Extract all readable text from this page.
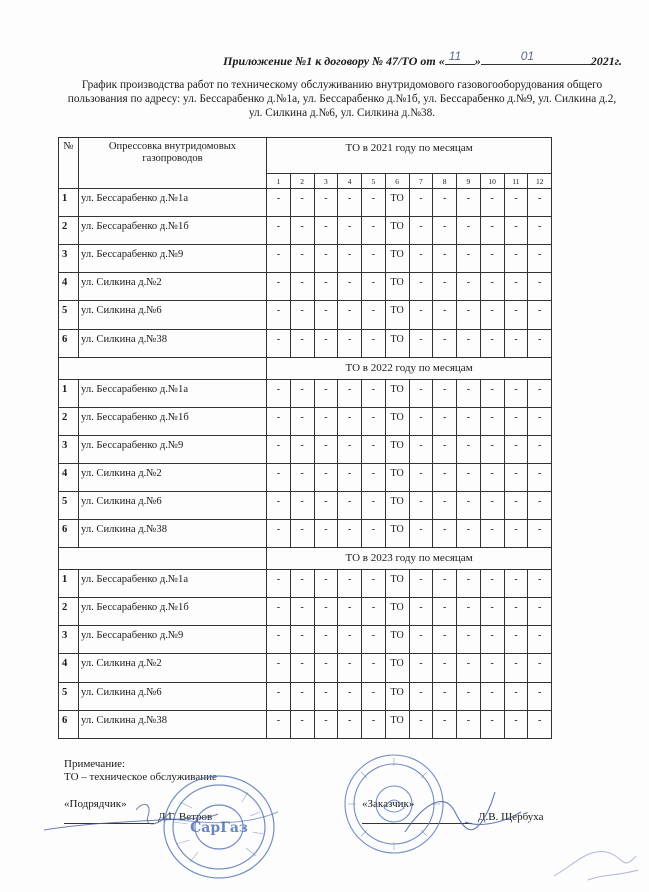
Приложение №1 к договору № 47/ТО от « 11 »	01	2021г.
График производства работ по техническому обслуживанию внутридомового газовогооборудования общего пользования по адресу: ул. Бессарабенко д.№1а, ул. Бессарабенко д.№1б, ул. Бессарабенко д.№9, ул. Силкина д.2, ул. Силкина д.№6, ул. Силкина д.№38.
№	Опрессовка внутридомовых газопроводов	ТО в 2021 году по месяцам											
		1	2	3	4	5	6	7	8	9	10	11	12
1	ул. Бессарабенко д.№1а	-	-	-	-	-	ТО	-	-	-	-	-	-
2	ул. Бессарабенко д.№1б	-	-	-	-	-	ТО	-	-	-	-	-	-
3	ул. Бессарабенко д.№9	-	-	-	-	-	ТО	-	-	-	-	-	-
4	ул. Силкина д.№2	-	-	-	-	-	ТО	-	-	-	-	-	-
5	ул. Силкина д.№6	-	-	-	-	-	ТО	-	-	-	-	-	-
6	ул. Силкина д.№38	-	-	-	-	-	ТО	-	-	-	-	-	-
		ТО в 2022 году по месяцам											
1	ул. Бессарабенко д.№1а	-	-	-	-	-	ТО	-	-	-	-	-	-
2	ул. Бессарабенко д.№1б	-	-	-	-	-	ТО	-	-	-	-	-	-
3	ул. Бессарабенко д.№9	-	-	-	-	-	ТО	-	-	-	-	-	-
4	ул. Силкина д.№2	-	-	-	-	-	ТО	-	-	-	-	-	-
5	ул. Силкина д.№6	-	-	-	-	-	ТО	-	-	-	-	-	-
6	ул. Силкина д.№38	-	-	-	-	-	ТО	-	-	-	-	-	-
		ТО в 2023 году по месяцам											
1	ул. Бессарабенко д.№1а	-	-	-	-	-	ТО	-	-	-	-	-	-
2	ул. Бессарабенко д.№1б	-	-	-	-	-	ТО	-	-	-	-	-	-
3	ул. Бессарабенко д.№9	-	-	-	-	-	ТО	-	-	-	-	-	-
4	ул. Силкина д.№2	-	-	-	-	-	ТО	-	-	-	-	-	-
5	ул. Силкина д.№6	-	-	-	-	-	ТО	-	-	-	-	-	-
6	ул. Силкина д.№38	-	-	-	-	-	ТО	-	-	-	-	-	-
Примечание:
ТО – техническое обслуживание
«Подрядчик»
Д.Г. Ветров
«Заказчик»
Д.В. Щербуха
СарГаз
